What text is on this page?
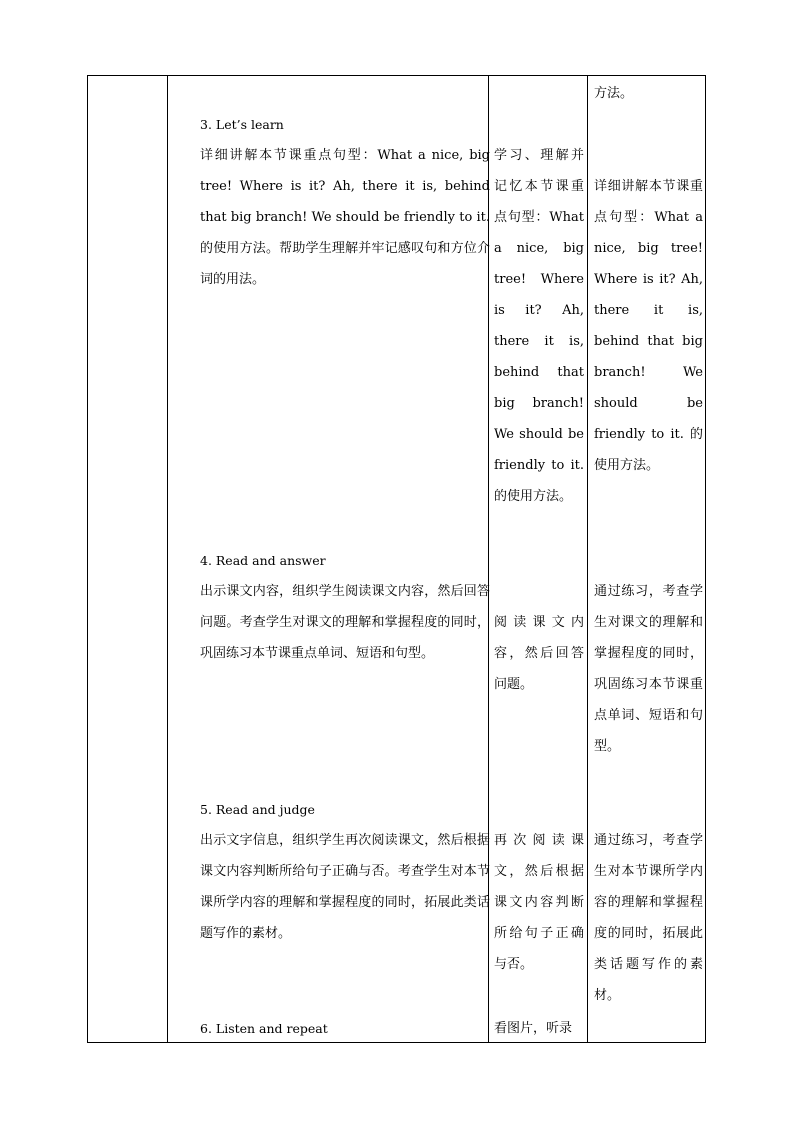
3. Let’s learn
详细讲解本节课重点句型：What a nice, big tree! Where is it? Ah, there it is, behind that big branch! We should be friendly to it. 的使用方法。帮助学生理解并牢记感叹句和方位介词的用法。
4. Read and answer
出示课文内容，组织学生阅读课文内容，然后回答问题。考查学生对课文的理解和掌握程度的同时，巩固练习本节课重点单词、短语和句型。
5. Read and judge
出示文字信息，组织学生再次阅读课文，然后根据课文内容判断所给句子正确与否。考查学生对本节课所学内容的理解和掌握程度的同时，拓展此类话题写作的素材。
6. Listen and repeat
学习、理解并记忆本节课重点句型：What a nice, big tree! Where is it? Ah, there it is, behind that big branch! We should be friendly to it. 的使用方法。
阅读课文内容，然后回答问题。
再次阅读课文，然后根据课文内容判断所给句子正确与否。
看图片，听录
方法。
详细讲解本节课重点句型：What a nice, big tree! Where is it? Ah, there it is, behind that big branch! We should be friendly to it. 的使用方法。
通过练习，考查学生对课文的理解和掌握程度的同时，巩固练习本节课重点单词、短语和句型。
通过练习，考查学生对本节课所学内容的理解和掌握程度的同时，拓展此类话题写作的素材。
